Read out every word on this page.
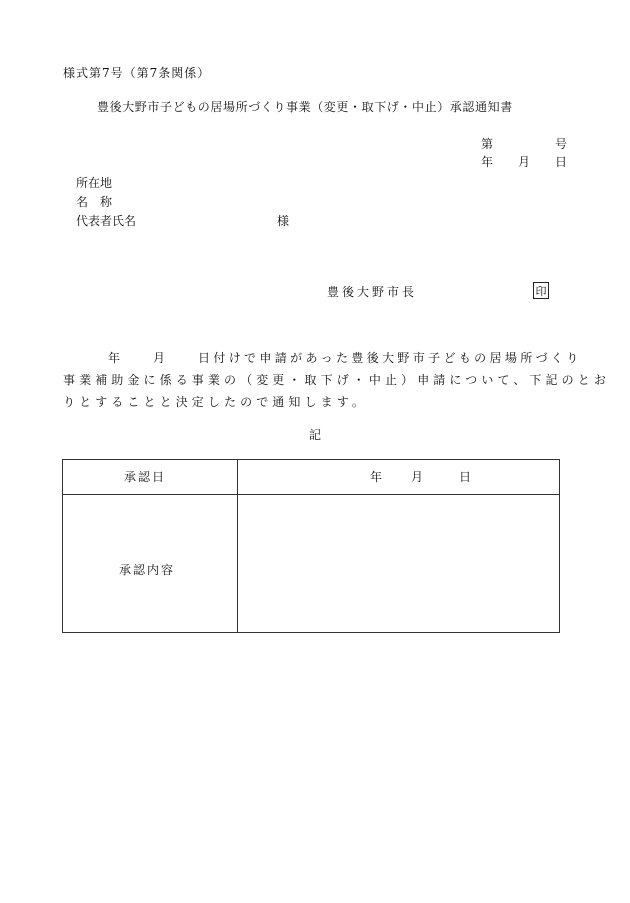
様式第7号（第7条関係）
豊後大野市子どもの居場所づくり事業（変更・取下げ・中止）承認通知書
第	号
年 月 日
所在地
名　称
代表者氏名	様
豊後大野市長	印
年	月	日付けで申請があった豊後大野市子どもの居場所づくり
事業補助金に係る事業の（変更・取下げ・中止）申請について、下記のとお
りとすることと決定したので通知します。
記
承認日	年 月	日
承認内容
